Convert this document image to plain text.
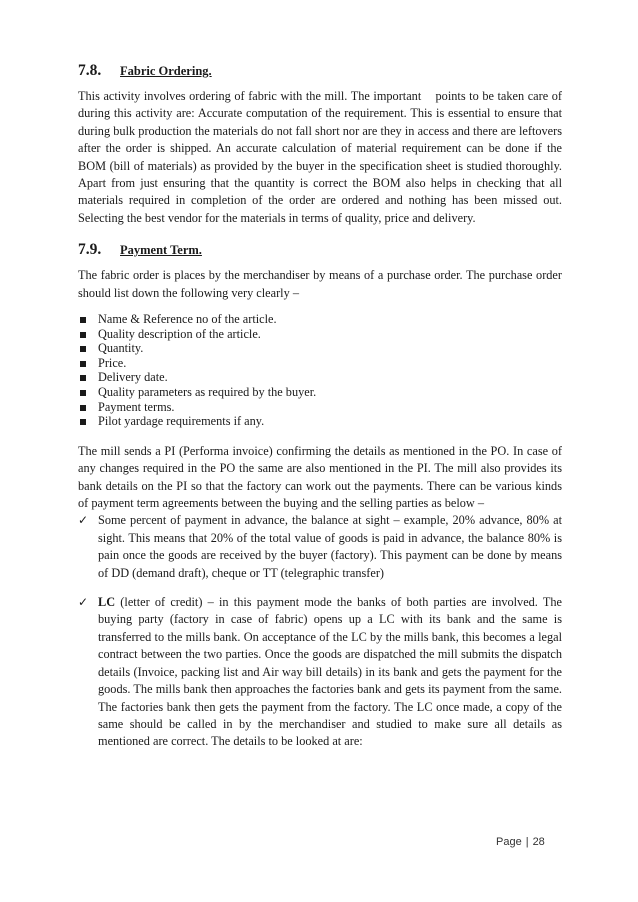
7.8.	Fabric Ordering.

This activity involves ordering of fabric with the mill. The important    points to be taken care of during this activity are: Accurate computation of the requirement. This is essential to ensure that during bulk production the materials do not fall short nor are they in access and there are leftovers after the order is shipped. An accurate calculation of material requirement can be done if the BOM (bill of materials) as provided by the buyer in the specification sheet is studied thoroughly.  Apart from just ensuring that the quantity is correct the BOM also helps in checking that all materials required in completion of the order are ordered and nothing has been missed out. Selecting the best vendor for the materials in terms of quality, price and delivery.

7.9.	Payment Term.

The fabric order is places by the merchandiser by means of a purchase order. The purchase order should list down the following very clearly –

Name & Reference no of the article.
Quality description of the article.
Quantity.
Price.
Delivery date.
Quality parameters as required by the buyer.
Payment terms.
Pilot yardage requirements if any.

The mill sends a PI (Performa invoice) confirming the details as mentioned in the PO. In case of any changes required in the PO the same are also mentioned in the PI. The mill also provides its bank details on the PI so that the factory can work out the payments. There can be various kinds of payment term agreements between the buying and the selling parties as below –

✓ Some percent of payment in advance, the balance at sight – example, 20% advance, 80% at sight. This means that 20% of the total value of goods is paid in advance, the balance 80% is pain once the goods are received by the buyer (factory). This payment can be done by means of DD (demand draft), cheque or TT (telegraphic transfer)
✓ LC (letter of credit) – in this payment mode the banks of both parties are involved. The buying party (factory in case of fabric) opens up a LC with its bank and the same is transferred to the mills bank. On acceptance of the LC by the mills bank, this becomes a legal contract between the two parties. Once the goods are dispatched the mill submits the dispatch details (Invoice, packing list and Air way bill details) in its bank and gets the payment for the goods. The mills bank then approaches the factories bank and gets its payment from the same. The factories bank then gets the payment from the factory. The LC once made, a copy of the same should be called in by the merchandiser and studied to make sure all details as mentioned are correct. The details to be looked at are:
Page | 28
